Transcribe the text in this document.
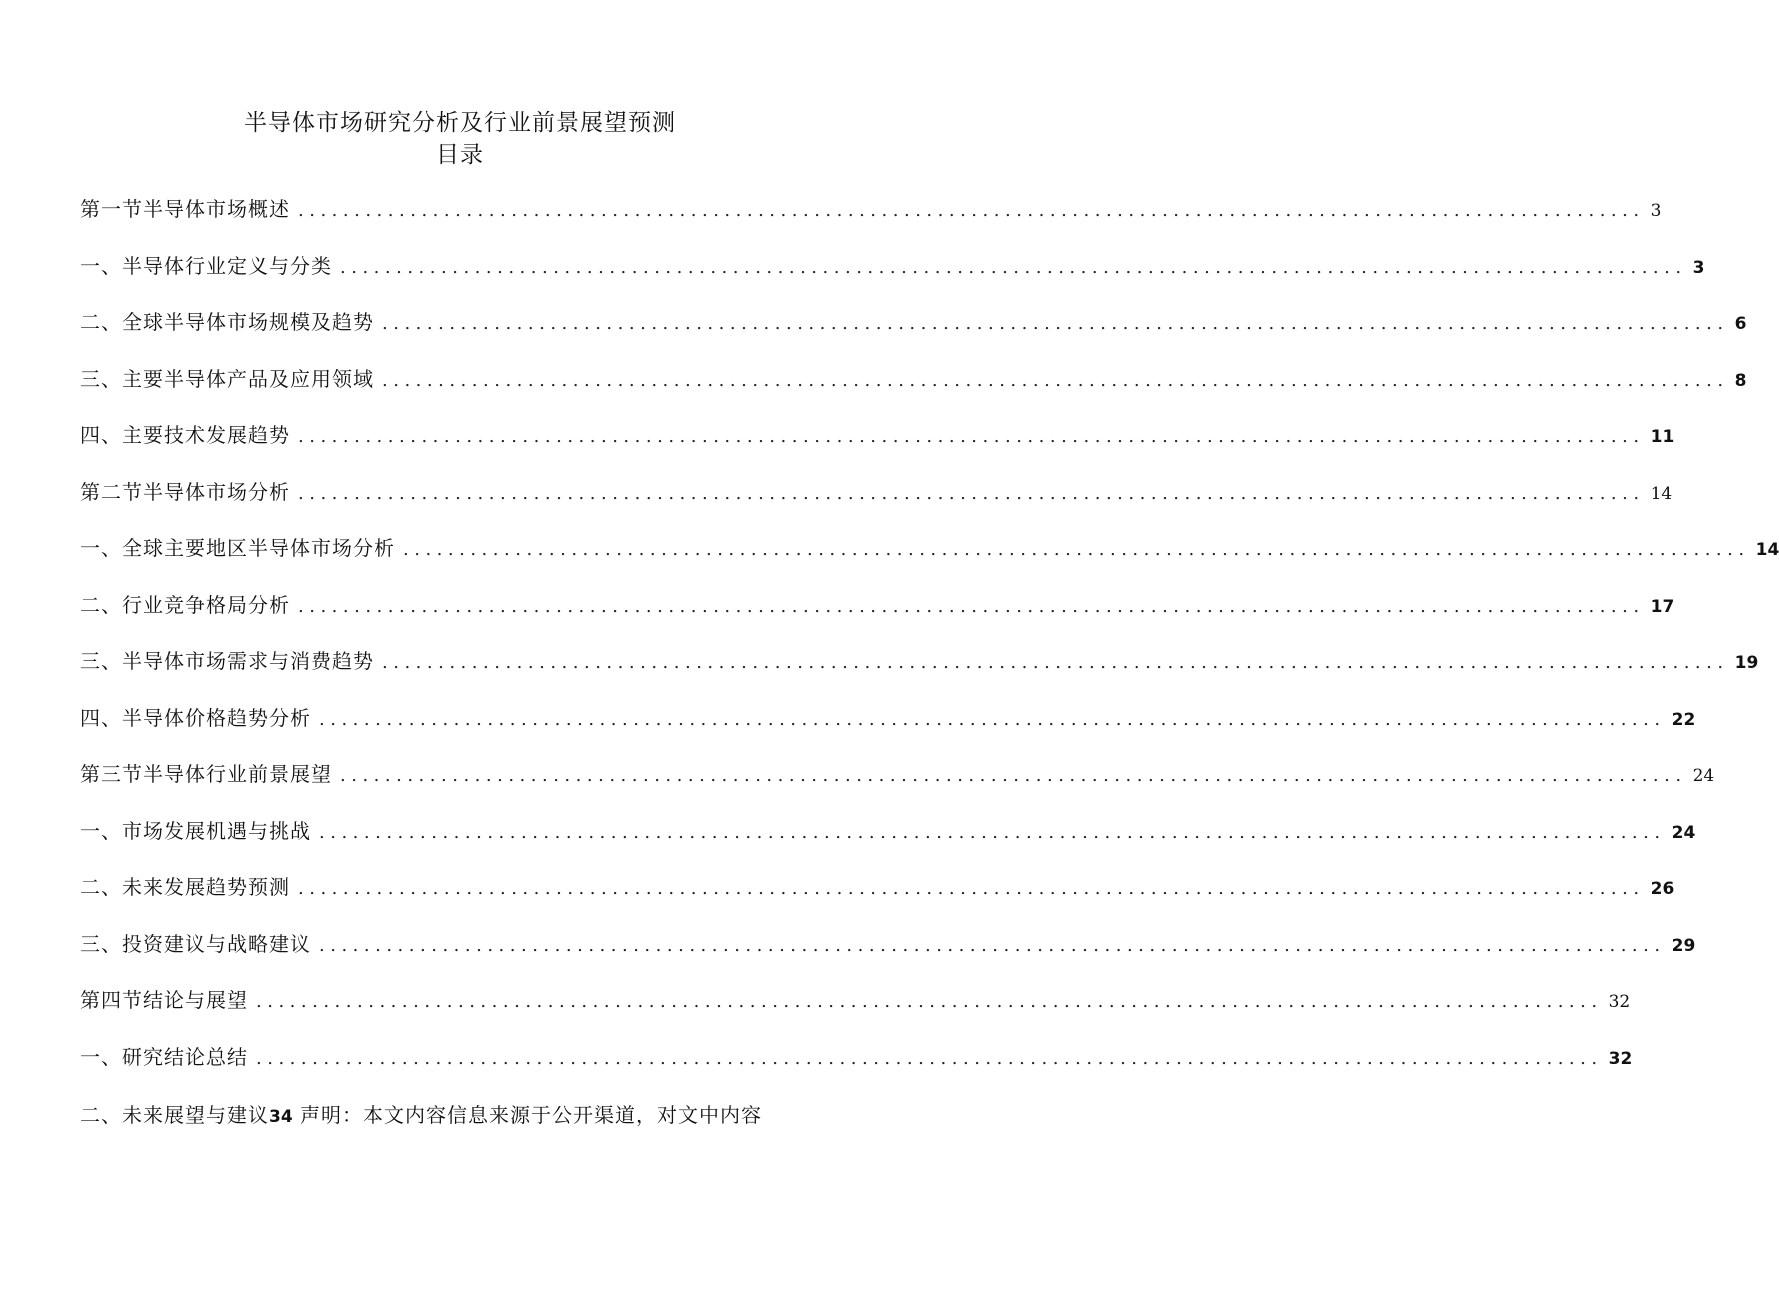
半导体市场研究分析及行业前景展望预测
目录
第一节半导体市场概述 ........................................................................................................................ 3
一、半导体行业定义与分类 ........................................................................................................................ 3
二、全球半导体市场规模及趋势 ........................................................................................................................ 6
三、主要半导体产品及应用领域 ........................................................................................................................ 8
四、主要技术发展趋势 ........................................................................................................................ 11
第二节半导体市场分析 ........................................................................................................................ 14
一、全球主要地区半导体市场分析 ........................................................................................................................ 14
二、行业竞争格局分析 ........................................................................................................................ 17
三、半导体市场需求与消费趋势 ........................................................................................................................ 19
四、半导体价格趋势分析 ........................................................................................................................ 22
第三节半导体行业前景展望 ........................................................................................................................ 24
一、市场发展机遇与挑战 ........................................................................................................................ 24
二、未来发展趋势预测 ........................................................................................................................ 26
三、投资建议与战略建议 ........................................................................................................................ 29
第四节结论与展望 ........................................................................................................................ 32
一、研究结论总结 ........................................................................................................................ 32
二、未来展望与建议34 声明：本文内容信息来源于公开渠道，对文中内容
